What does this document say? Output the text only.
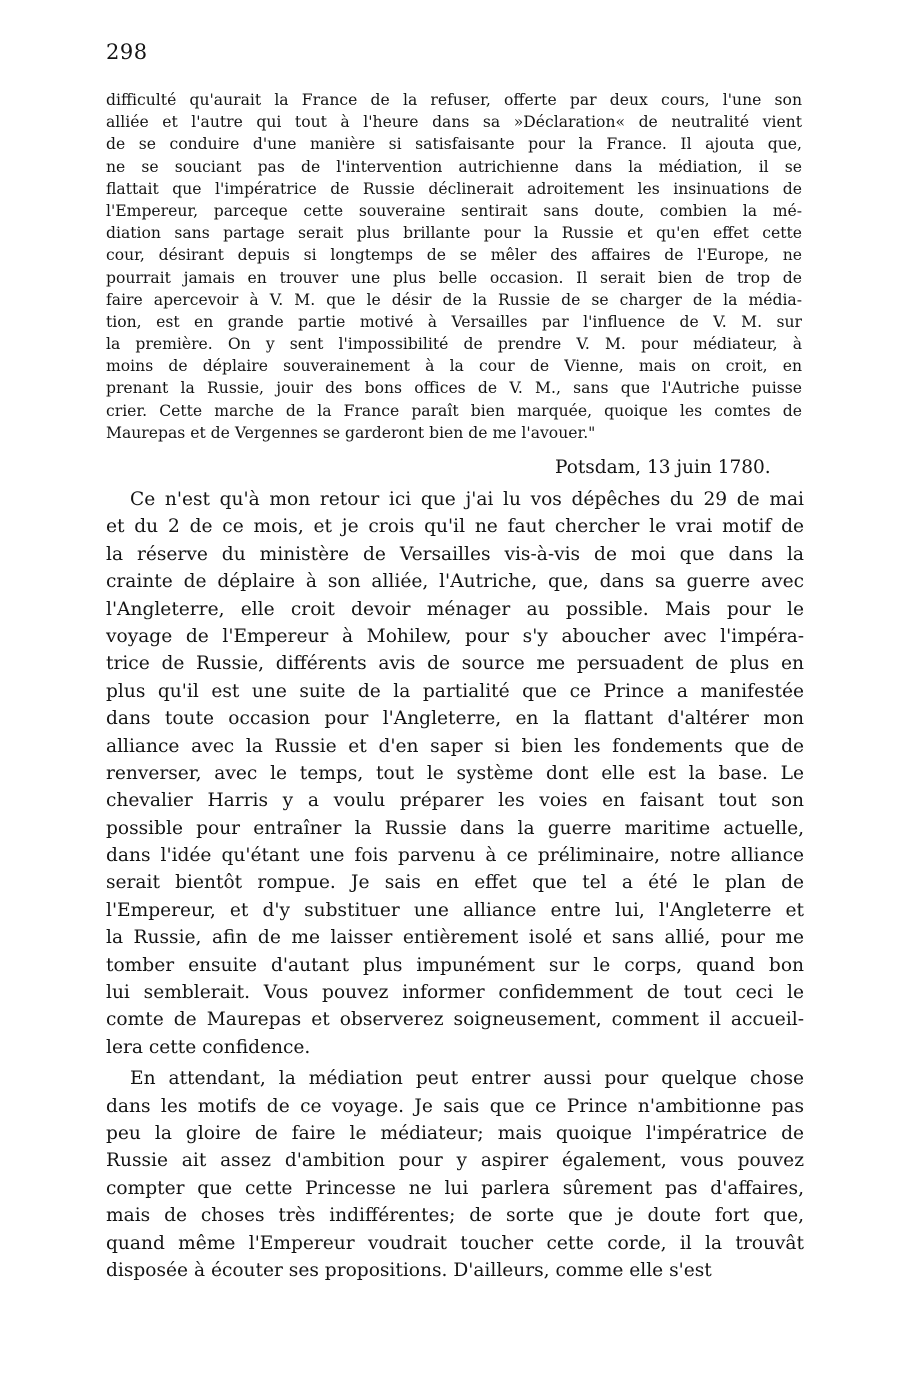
298
difficulté qu'aurait la France de la refuser, offerte par deux cours, l'une son
alliée et l'autre qui tout à l'heure dans sa »Déclaration« de neutralité vient
de se conduire d'une manière si satisfaisante pour la France. Il ajouta que,
ne se souciant pas de l'intervention autrichienne dans la médiation, il se
flattait que l'impératrice de Russie déclinerait adroitement les insinuations de
l'Empereur, parceque cette souveraine sentirait sans doute, combien la mé-
diation sans partage serait plus brillante pour la Russie et qu'en effet cette
cour, désirant depuis si longtemps de se mêler des affaires de l'Europe, ne
pourrait jamais en trouver une plus belle occasion. Il serait bien de trop de
faire apercevoir à V. M. que le désir de la Russie de se charger de la média-
tion, est en grande partie motivé à Versailles par l'influence de V. M. sur
la première. On y sent l'impossibilité de prendre V. M. pour médiateur, à
moins de déplaire souverainement à la cour de Vienne, mais on croit, en
prenant la Russie, jouir des bons offices de V. M., sans que l'Autriche puisse
crier. Cette marche de la France paraît bien marquée, quoique les comtes de
Maurepas et de Vergennes se garderont bien de me l'avouer."
Potsdam, 13 juin 1780.
Ce n'est qu'à mon retour ici que j'ai lu vos dépêches du 29 de mai
et du 2 de ce mois, et je crois qu'il ne faut chercher le vrai motif de
la réserve du ministère de Versailles vis-à-vis de moi que dans la
crainte de déplaire à son alliée, l'Autriche, que, dans sa guerre avec
l'Angleterre, elle croit devoir ménager au possible. Mais pour le
voyage de l'Empereur à Mohilew, pour s'y aboucher avec l'impéra-
trice de Russie, différents avis de source me persuadent de plus en
plus qu'il est une suite de la partialité que ce Prince a manifestée
dans toute occasion pour l'Angleterre, en la flattant d'altérer mon
alliance avec la Russie et d'en saper si bien les fondements que de
renverser, avec le temps, tout le système dont elle est la base. Le
chevalier Harris y a voulu préparer les voies en faisant tout son
possible pour entraîner la Russie dans la guerre maritime actuelle,
dans l'idée qu'étant une fois parvenu à ce préliminaire, notre alliance
serait bientôt rompue. Je sais en effet que tel a été le plan de
l'Empereur, et d'y substituer une alliance entre lui, l'Angleterre et
la Russie, afin de me laisser entièrement isolé et sans allié, pour me
tomber ensuite d'autant plus impunément sur le corps, quand bon
lui semblerait. Vous pouvez informer confidemment de tout ceci le
comte de Maurepas et observerez soigneusement, comment il accueil-
lera cette confidence.
En attendant, la médiation peut entrer aussi pour quelque chose
dans les motifs de ce voyage. Je sais que ce Prince n'ambitionne pas
peu la gloire de faire le médiateur; mais quoique l'impératrice de
Russie ait assez d'ambition pour y aspirer également, vous pouvez
compter que cette Princesse ne lui parlera sûrement pas d'affaires,
mais de choses très indifférentes; de sorte que je doute fort que,
quand même l'Empereur voudrait toucher cette corde, il la trouvât
disposée à écouter ses propositions. D'ailleurs, comme elle s'est
